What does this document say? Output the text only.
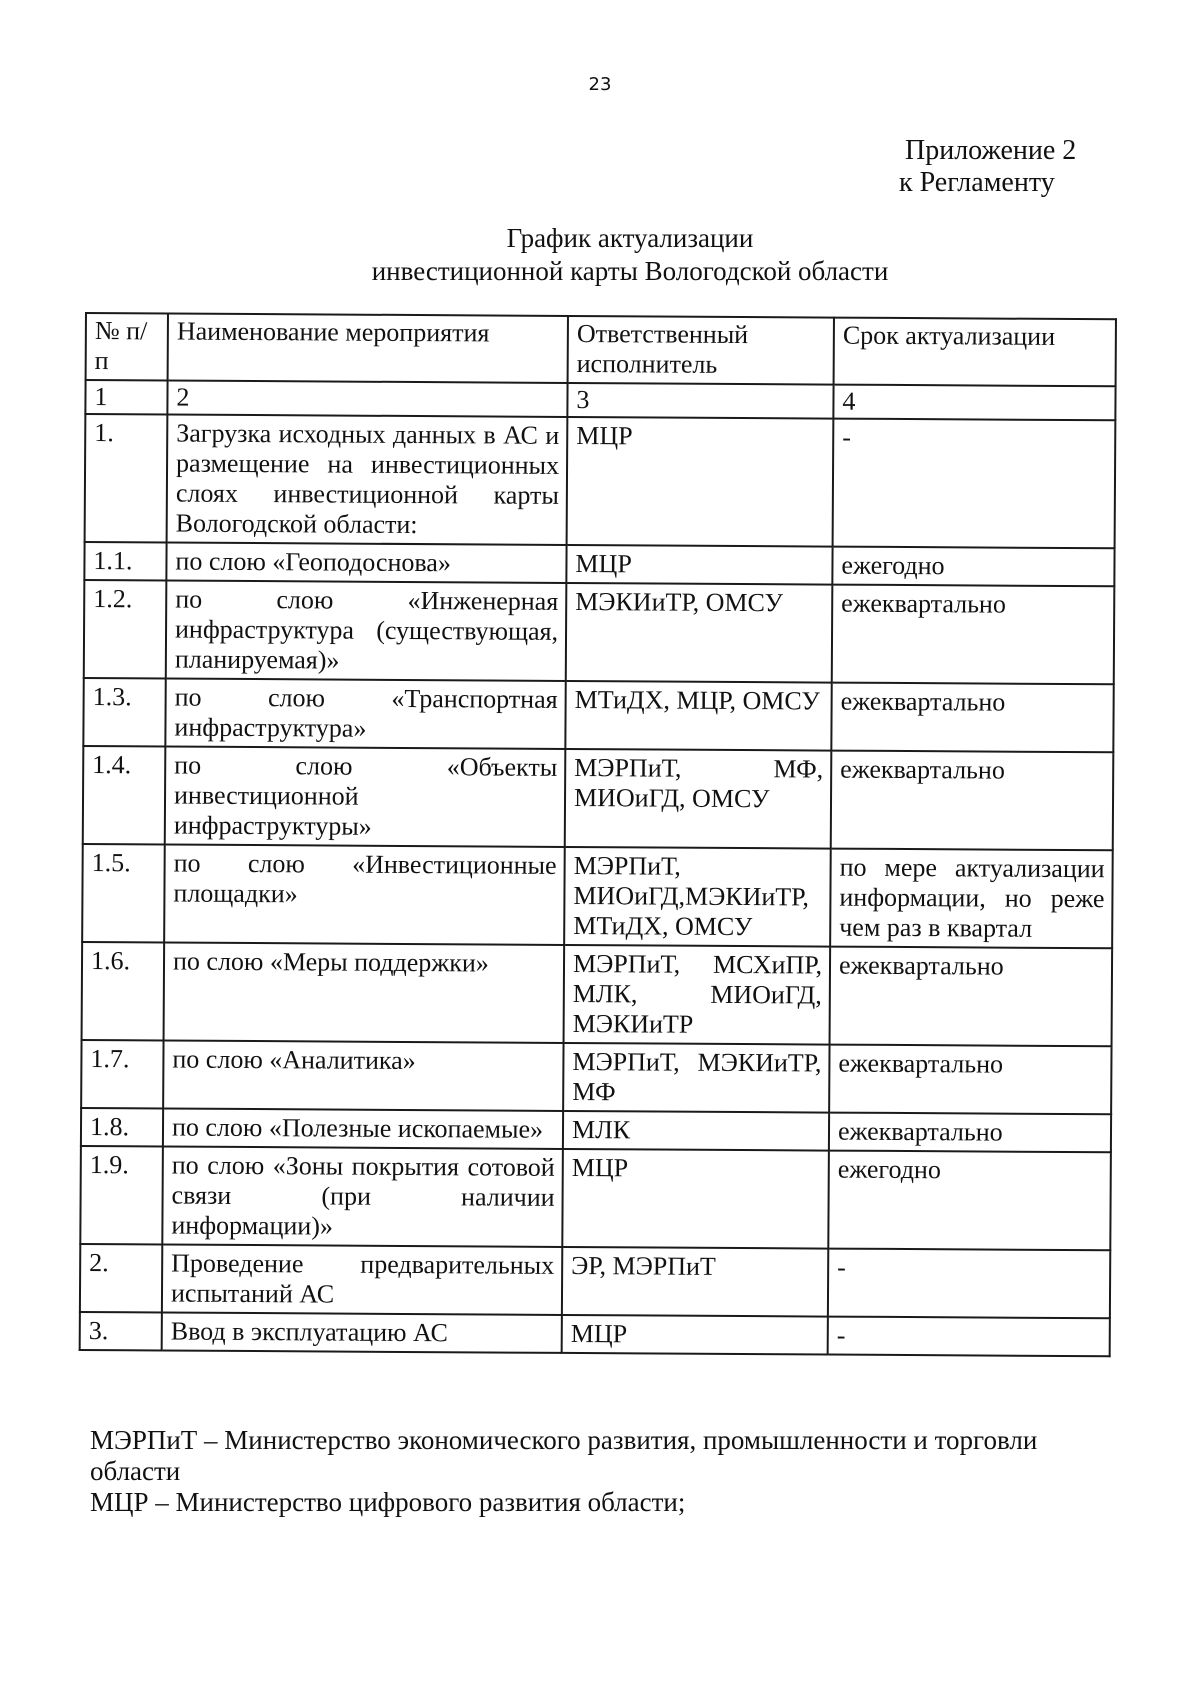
23
Приложение 2
к Регламенту
График актуализации
инвестиционной карты Вологодской области
№ п/п	Наименование мероприятия	Ответственный исполнитель	Срок актуализации
1	2	3	4
1.	Загрузка исходных данных в АС и размещение на инвестиционных слоях инвестиционной карты Вологодской области:	МЦР	-
1.1.	по слою «Геоподоснова»	МЦР	ежегодно
1.2.	по слою «Инженерная инфраструктура (существующая, планируемая)»	МЭКИиТР, ОМСУ	ежеквартально
1.3.	по слою «Транспортная инфраструктура»	МТиДХ, МЦР, ОМСУ	ежеквартально
1.4.	по слою «Объекты инвестиционной инфраструктуры»	МЭРПиТ, МФ, МИОиГД, ОМСУ	ежеквартально
1.5.	по слою «Инвестиционные площадки»	МЭРПиТ, МИОиГД,МЭКИиТР, МТиДХ, ОМСУ	по мере актуализации информации, но реже чем раз в квартал
1.6.	по слою «Меры поддержки»	МЭРПиТ, МСХиПР, МЛК, МИОиГД, МЭКИиТР	ежеквартально
1.7.	по слою «Аналитика»	МЭРПиТ, МЭКИиТР, МФ	ежеквартально
1.8.	по слою «Полезные ископаемые»	МЛК	ежеквартально
1.9.	по слою «Зоны покрытия сотовой связи (при наличии информации)»	МЦР	ежегодно
2.	Проведение предварительных испытаний АС	ЭР, МЭРПиТ	-
3.	Ввод в эксплуатацию АС	МЦР	-

МЭРПиТ – Министерство экономического развития, промышленности и торговли области

МЦР – Министерство цифрового развития области;
